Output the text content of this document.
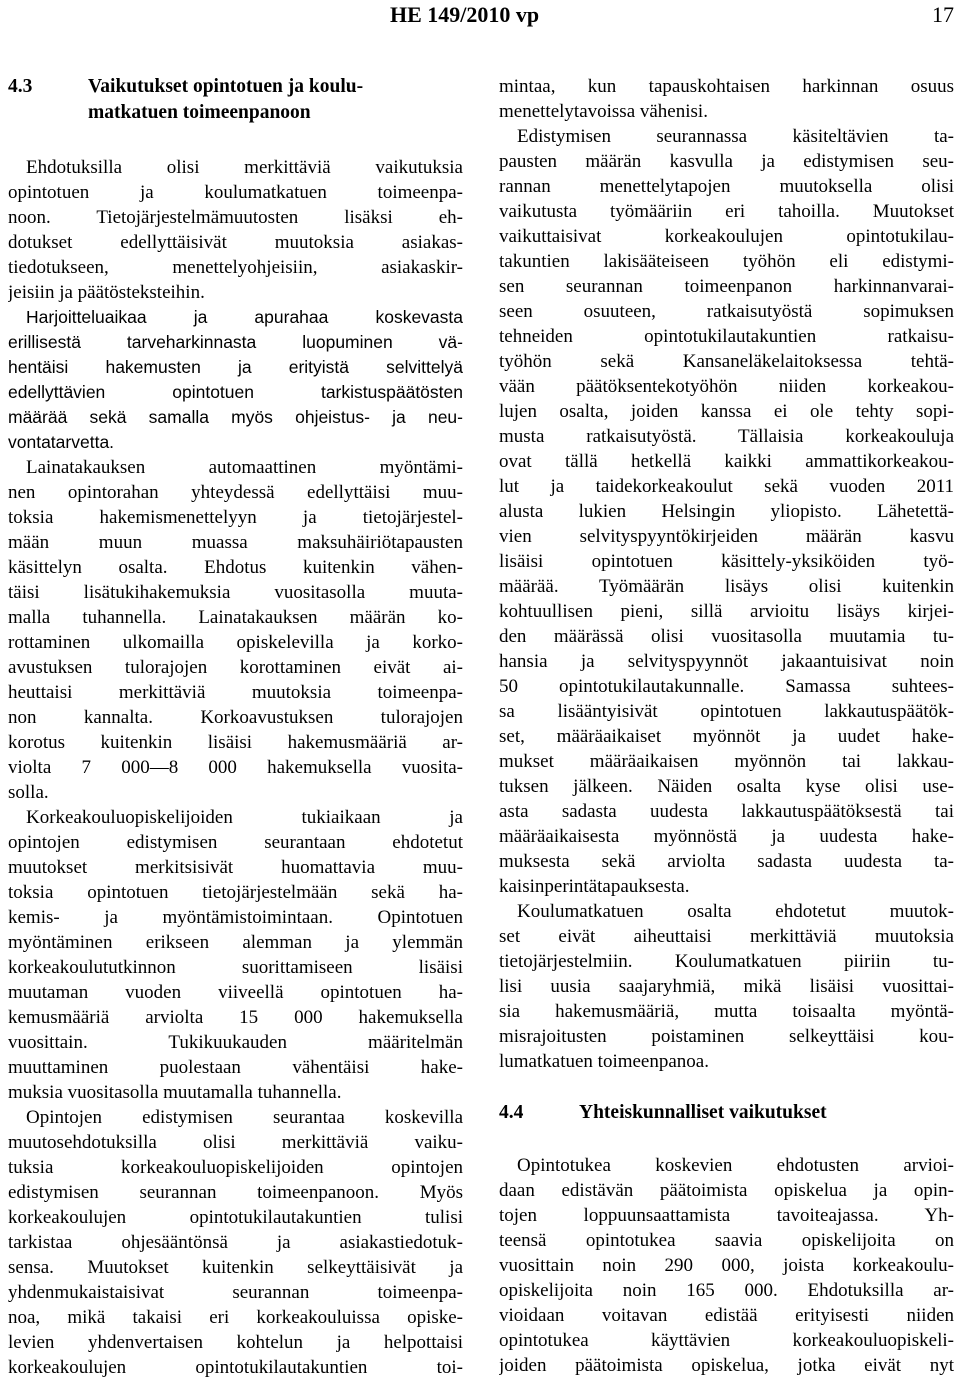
HE 149/2010 vp	17
4.3	Vaikutukset opintotuen ja koulu-
matkatuen toimeenpanoon
Ehdotuksilla olisi merkittäviä vaikutuksia
opintotuen ja koulumatkatuen toimeenpa-
noon. Tietojärjestelmämuutosten lisäksi eh-
dotukset edellyttäisivät muutoksia asiakas-
tiedotukseen, menettelyohjeisiin, asiakaskir-
jeisiin ja päätösteksteihin.
Harjoitteluaikaa ja apurahaa koskevasta
erillisestä tarveharkinnasta luopuminen vä-
hentäisi hakemusten ja erityistä selvittelyä
edellyttävien opintotuen tarkistuspäätösten
määrää sekä samalla myös ohjeistus- ja neu-
vontatarvetta.
Lainatakauksen automaattinen myöntämi-
nen opintorahan yhteydessä edellyttäisi muu-
toksia hakemismenettelyyn ja tietojärjestel-
mään muun muassa maksuhäiriötapausten
käsittelyn osalta. Ehdotus kuitenkin vähen-
täisi lisätukihakemuksia vuositasolla muuta-
malla tuhannella. Lainatakauksen määrän ko-
rottaminen ulkomailla opiskelevilla ja korko-
avustuksen tulorajojen korottaminen eivät ai-
heuttaisi merkittäviä muutoksia toimeenpa-
non kannalta. Korkoavustuksen tulorajojen
korotus kuitenkin lisäisi hakemusmääriä ar-
violta 7 000—8 000 hakemuksella vuosita-
solla.
Korkeakouluopiskelijoiden tukiaikaan ja
opintojen edistymisen seurantaan ehdotetut
muutokset merkitsisivät huomattavia muu-
toksia opintotuen tietojärjestelmään sekä ha-
kemis- ja myöntämistoimintaan. Opintotuen
myöntäminen erikseen alemman ja ylemmän
korkeakoulututkinnon suorittamiseen lisäisi
muutaman vuoden viiveellä opintotuen ha-
kemusmääriä arviolta 15 000 hakemuksella
vuosittain. Tukikuukauden määritelmän
muuttaminen puolestaan vähentäisi hake-
muksia vuositasolla muutamalla tuhannella.
Opintojen edistymisen seurantaa koskevilla
muutosehdotuksilla olisi merkittäviä vaiku-
tuksia korkeakouluopiskelijoiden opintojen
edistymisen seurannan toimeenpanoon. Myös
korkeakoulujen opintotukilautakuntien tulisi
tarkistaa ohjesääntönsä ja asiakastiedotuk-
sensa. Muutokset kuitenkin selkeyttäisivät ja
yhdenmukaistaisivat seurannan toimeenpa-
noa, mikä takaisi eri korkeakouluissa opiske-
levien yhdenvertaisen kohtelun ja helpottaisi
korkeakoulujen opintotukilautakuntien toi-
mintaa, kun tapauskohtaisen harkinnan osuus
menettelytavoissa vähenisi.
Edistymisen seurannassa käsiteltävien ta-
pausten määrän kasvulla ja edistymisen seu-
rannan menettelytapojen muutoksella olisi
vaikutusta työmääriin eri tahoilla. Muutokset
vaikuttaisivat korkeakoulujen opintotukilau-
takuntien lakisääteiseen työhön eli edistymi-
sen seurannan toimeenpanon harkinnanvarai-
seen osuuteen, ratkaisutyöstä sopimuksen
tehneiden opintotukilautakuntien ratkaisu-
työhön sekä Kansaneläkelaitoksessa tehtä-
vään päätöksentekotyöhön niiden korkeakou-
lujen osalta, joiden kanssa ei ole tehty sopi-
musta ratkaisutyöstä. Tällaisia korkeakouluja
ovat tällä hetkellä kaikki ammattikorkeakou-
lut ja taidekorkeakoulut sekä vuoden 2011
alusta lukien Helsingin yliopisto. Lähetettä-
vien selvityspyyntökirjeiden määrän kasvu
lisäisi opintotuen käsittely-yksiköiden työ-
määrää. Työmäärän lisäys olisi kuitenkin
kohtuullisen pieni, sillä arvioitu lisäys kirjei-
den määrässä olisi vuositasolla muutamia tu-
hansia ja selvityspyynnöt jakaantuisivat noin
50 opintotukilautakunnalle. Samassa suhtees-
sa lisääntyisivät opintotuen lakkautuspäätök-
set, määräaikaiset myönnöt ja uudet hake-
mukset määräaikaisen myönnön tai lakkau-
tuksen jälkeen. Näiden osalta kyse olisi use-
asta sadasta uudesta lakkautuspäätöksestä tai
määräaikaisesta myönnöstä ja uudesta hake-
muksesta sekä arviolta sadasta uudesta ta-
kaisinperintätapauksesta.
Koulumatkatuen osalta ehdotetut muutok-
set eivät aiheuttaisi merkittäviä muutoksia
tietojärjestelmiin. Koulumatkatuen piiriin tu-
lisi uusia saajaryhmiä, mikä lisäisi vuosittai-
sia hakemusmääriä, mutta toisaalta myöntä-
misrajoitusten poistaminen selkeyttäisi kou-
lumatkatuen toimeenpanoa.
4.4	Yhteiskunnalliset vaikutukset
Opintotukea koskevien ehdotusten arvioi-
daan edistävän päätoimista opiskelua ja opin-
tojen loppuunsaattamista tavoiteajassa. Yh-
teensä opintotukea saavia opiskelijoita on
vuosittain noin 290 000, joista korkeakoulu-
opiskelijoita noin 165 000. Ehdotuksilla ar-
vioidaan voitavan edistää erityisesti niiden
opintotukea käyttävien korkeakouluopiskeli-
joiden päätoimista opiskelua, jotka eivät nyt
